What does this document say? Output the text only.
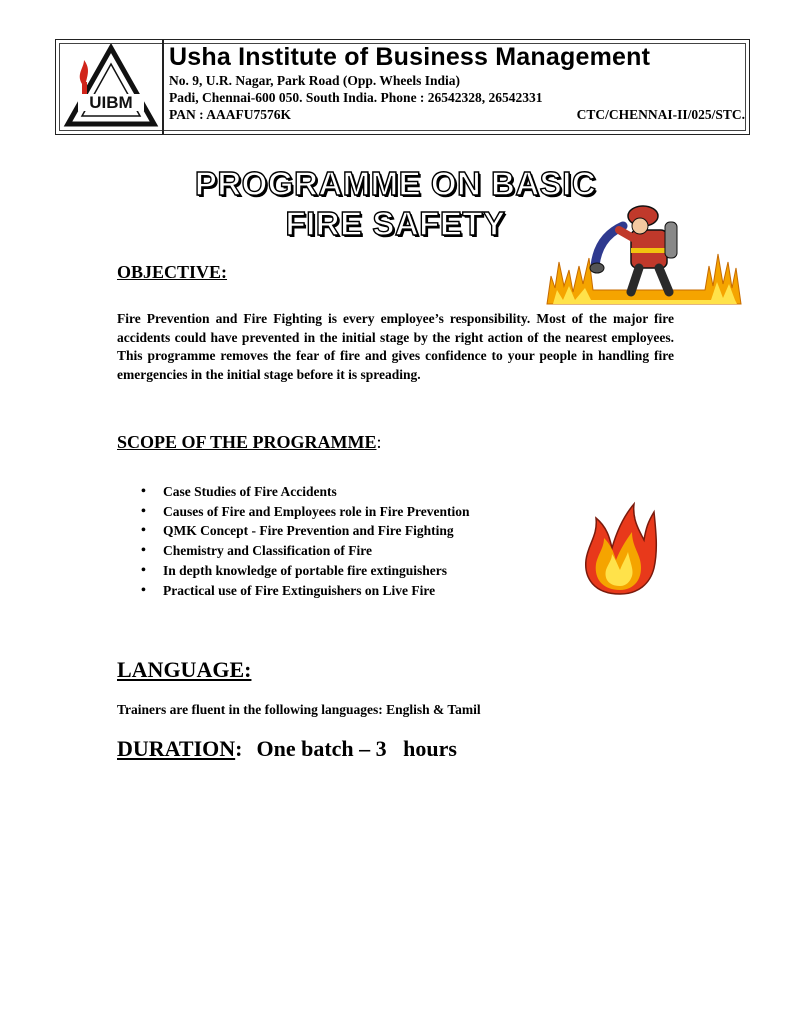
UIBM
Usha Institute of Business Management
No. 9, U.R. Nagar, Park Road (Opp. Wheels India)
Padi, Chennai-600 050. South India. Phone : 26542328, 26542331
PAN : AAAFU7576K	CTC/CHENNAI-II/025/STC.
PROGRAMME ON BASIC
FIRE SAFETY
OBJECTIVE:
Fire Prevention and Fire Fighting is every employee’s responsibility. Most of the major fire accidents could have prevented in the initial stage by the right action of the nearest employees. This programme removes the fear of fire and gives confidence to your people in handling fire emergencies in the initial stage before it is spreading.
SCOPE OF THE PROGRAMME:
• Case Studies of Fire Accidents
• Causes of Fire and Employees role in Fire Prevention
• QMK Concept - Fire Prevention and Fire Fighting
• Chemistry and Classification of Fire
• In depth knowledge of portable fire extinguishers
• Practical use of Fire Extinguishers on Live Fire
LANGUAGE:
Trainers are fluent in the following languages: English & Tamil
DURATION: One batch – 3   hours
